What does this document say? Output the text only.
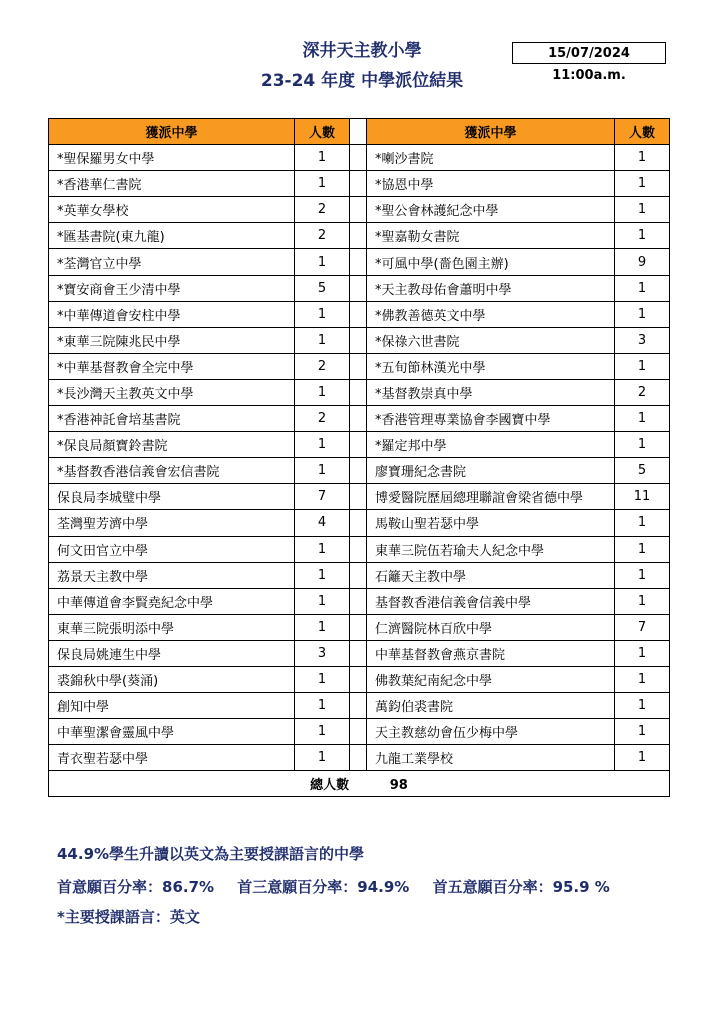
深井天主教小學
23-24 年度 中學派位結果
15/07/2024 11:00a.m.
獲派中學	人數		獲派中學	人數
*聖保羅男女中學	1		*喇沙書院	1
*香港華仁書院	1		*協恩中學	1
*英華女學校	2		*聖公會林護紀念中學	1
*匯基書院(東九龍)	2		*聖嘉勒女書院	1
*荃灣官立中學	1		*可風中學(嗇色園主辦)	9
*寶安商會王少清中學	5		*天主教母佑會蕭明中學	1
*中華傳道會安柱中學	1		*佛教善德英文中學	1
*東華三院陳兆民中學	1		*保祿六世書院	3
*中華基督教會全完中學	2		*五旬節林漢光中學	1
*長沙灣天主教英文中學	1		*基督教崇真中學	2
*香港神託會培基書院	2		*香港管理專業協會李國寶中學	1
*保良局顏寶鈴書院	1		*羅定邦中學	1
*基督教香港信義會宏信書院	1		廖寶珊紀念書院	5
保良局李城璧中學	7		博愛醫院歷屆總理聯誼會梁省德中學	11
荃灣聖芳濟中學	4		馬鞍山聖若瑟中學	1
何文田官立中學	1		東華三院伍若瑜夫人紀念中學	1
荔景天主教中學	1		石籬天主教中學	1
中華傳道會李賢堯紀念中學	1		基督教香港信義會信義中學	1
東華三院張明添中學	1		仁濟醫院林百欣中學	7
保良局姚連生中學	3		中華基督教會燕京書院	1
裘錦秋中學(葵涌)	1		佛教葉紀南紀念中學	1
創知中學	1		萬鈞伯裘書院	1
中華聖潔會靈風中學	1		天主教慈幼會伍少梅中學	1
青衣聖若瑟中學	1		九龍工業學校	1
總人數 98				
44.9%學生升讀以英文為主要授課語言的中學
首意願百分率：86.7% 首三意願百分率：94.9% 首五意願百分率：95.9 %
*主要授課語言：英文
